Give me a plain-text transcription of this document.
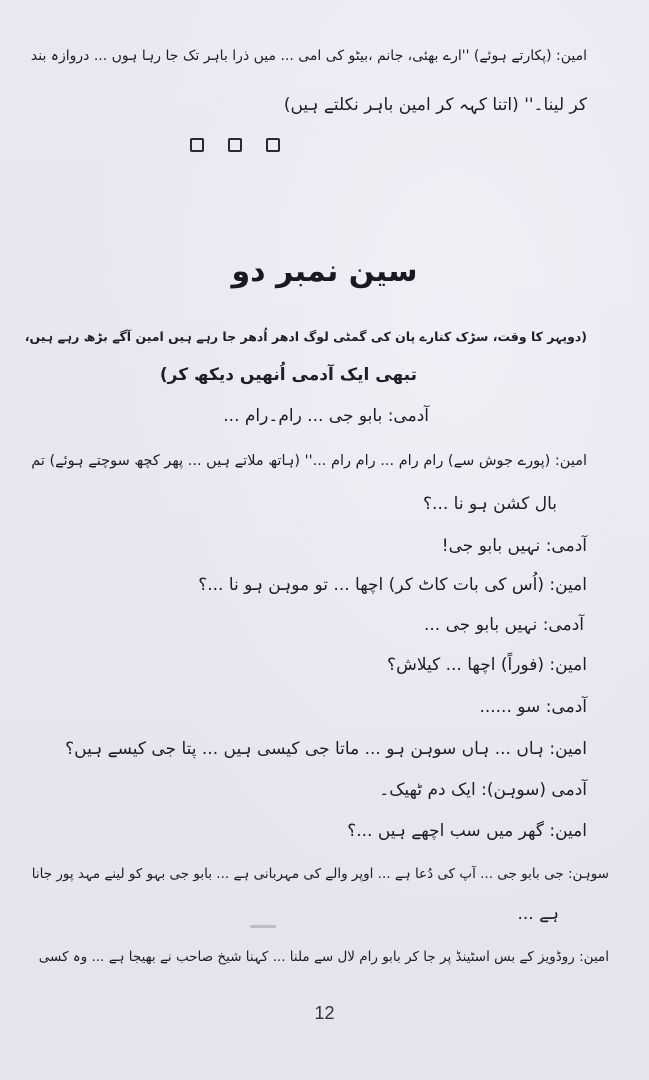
امین: (پکارتے ہوئے) ''ارے بھئی، جانم ،بیٹو کی امی ... میں ذرا باہر تک جا رہا ہوں ... دروازہ بند
کر لینا۔'' (اتنا کہہ کر امین باہر نکلتے ہیں)
سین نمبر دو
(دوپہر کا وقت، سڑک کنارے پان کی گمٹی لوگ ادھر اُدھر جا رہے ہیں امین آگے بڑھ رہے ہیں،
تبھی ایک آدمی اُنھیں دیکھ کر)
آدمی: بابو جی ... رام۔رام ...
امین: (پورے جوش سے) رام رام ... رام رام ...'' (ہاتھ ملاتے ہیں ... پھر کچھ سوچتے ہوئے) تم
بال کشن ہو نا ...؟
آدمی: نہیں بابو جی!
امین: (اُس کی بات کاٹ کر) اچھا ... تو موہن ہو نا ...؟
آدمی: نہیں بابو جی ...
امین: (فوراً) اچھا ... کیلاش؟
آدمی: سو ......
امین: ہاں ... ہاں سوہن ہو ... ماتا جی کیسی ہیں ... پتا جی کیسے ہیں؟
آدمی (سوہن): ایک دم ٹھیک۔
امین: گھر میں سب اچھے ہیں ...؟
سوہن: جی بابو جی ... آپ کی دُعا ہے ... اوپر والے کی مہربانی ہے ... بابو جی بہو کو لینے مہد پور جانا
ہے ...
امین: روڈویز کے بس اسٹینڈ پر جا کر بابو رام لال سے ملنا ... کہنا شیخ صاحب نے بھیجا ہے ... وہ کسی
12
